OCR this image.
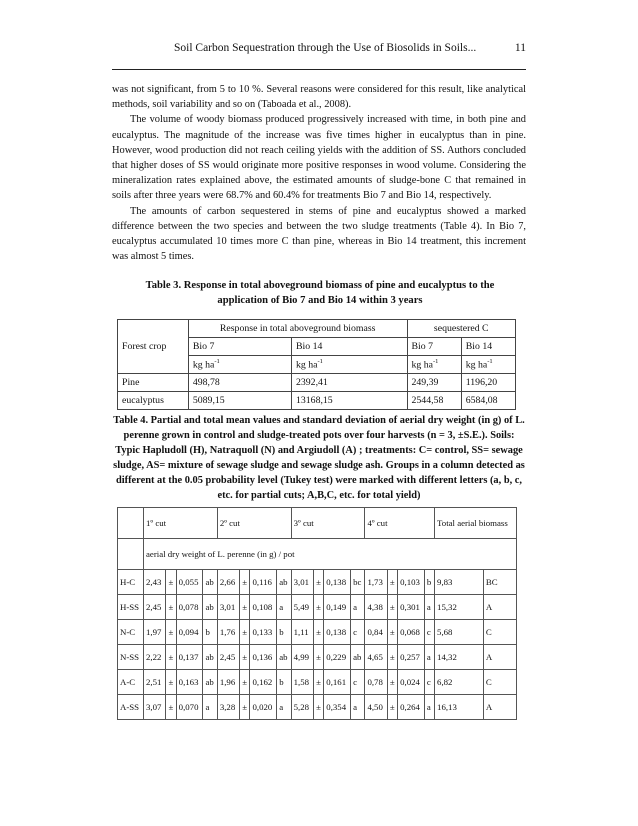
Soil Carbon Sequestration through the Use of Biosolids in Soils...	11

was not significant, from 5 to 10 %. Several reasons were considered for this result, like analytical methods, soil variability and so on (Taboada et al., 2008).

The volume of woody biomass produced progressively increased with time, in both pine and eucalyptus. The magnitude of the increase was five times higher in eucalyptus than in pine. However, wood production did not reach ceiling yields with the addition of SS. Authors concluded that higher doses of SS would originate more positive responses in wood volume. Considering the mineralization rates explained above, the estimated amounts of sludge-bone C that remained in soils after three years were 68.7% and 60.4% for treatments Bio 7 and Bio 14, respectively.

The amounts of carbon sequestered in stems of pine and eucalyptus showed a marked difference between the two species and between the two sludge treatments (Table 4). In Bio 7, eucalyptus accumulated 10 times more C than pine, whereas in Bio 14 treatment, this increment was almost 5 times.

Table 3. Response in total aboveground biomass of pine and eucalyptus to the application of Bio 7 and Bio 14 within 3 years
Forest crop	Response in total aboveground biomass		sequestered C	
	Bio 7	Bio 14	Bio 7	Bio 14
	kg $ha^{-1}$	kg $ha^{-1}$	kg $ha^{-1}$	kg $ha^{-1}$
Pine	498,78	2392,41	249,39	1196,20
eucalyptus	5089,15	13168,15	2544,58	6584,08
Table 4. Partial and total mean values and standard deviation of aerial dry weight (in g) of L. perenne grown in control and sludge-treated pots over four harvests (n = 3, ±S.E.). Soils: Typic Hapludoll (H), Natraquoll (N) and Argiudoll (A) ; treatments: C= control, SS= sewage sludge, AS= mixture of sewage sludge and sewage sludge ash. Groups in a column detected as different at the 0.05 probability level (Tukey test) were marked with different letters (a, b, c, etc. for partial cuts; A,B,C, etc. for total yield)
	1º cut				2º cut				3º cut				4º cut				Total aerial biomass	
	aerial dry weight of L. perenne (in g) / pot																	
H-C	2,43	±	0,055	ab	2,66	±	0,116	ab	3,01	±	0,138	bc	1,73	±	0,103	b	9,83	BC
H-SS	2,45	±	0,078	ab	3,01	±	0,108	a	5,49	±	0,149	a	4,38	±	0,301	a	15,32	A
N-C	1,97	±	0,094	b	1,76	±	0,133	b	1,11	±	0,138	c	0,84	±	0,068	c	5,68	C
N-SS	2,22	±	0,137	ab	2,45	±	0,136	ab	4,99	±	0,229	ab	4,65	±	0,257	a	14,32	A
A-C	2,51	±	0,163	ab	1,96	±	0,162	b	1,58	±	0,161	c	0,78	±	0,024	c	6,82	C
A-SS	3,07	±	0,070	a	3,28	±	0,020	a	5,28	±	0,354	a	4,50	±	0,264	a	16,13	A
